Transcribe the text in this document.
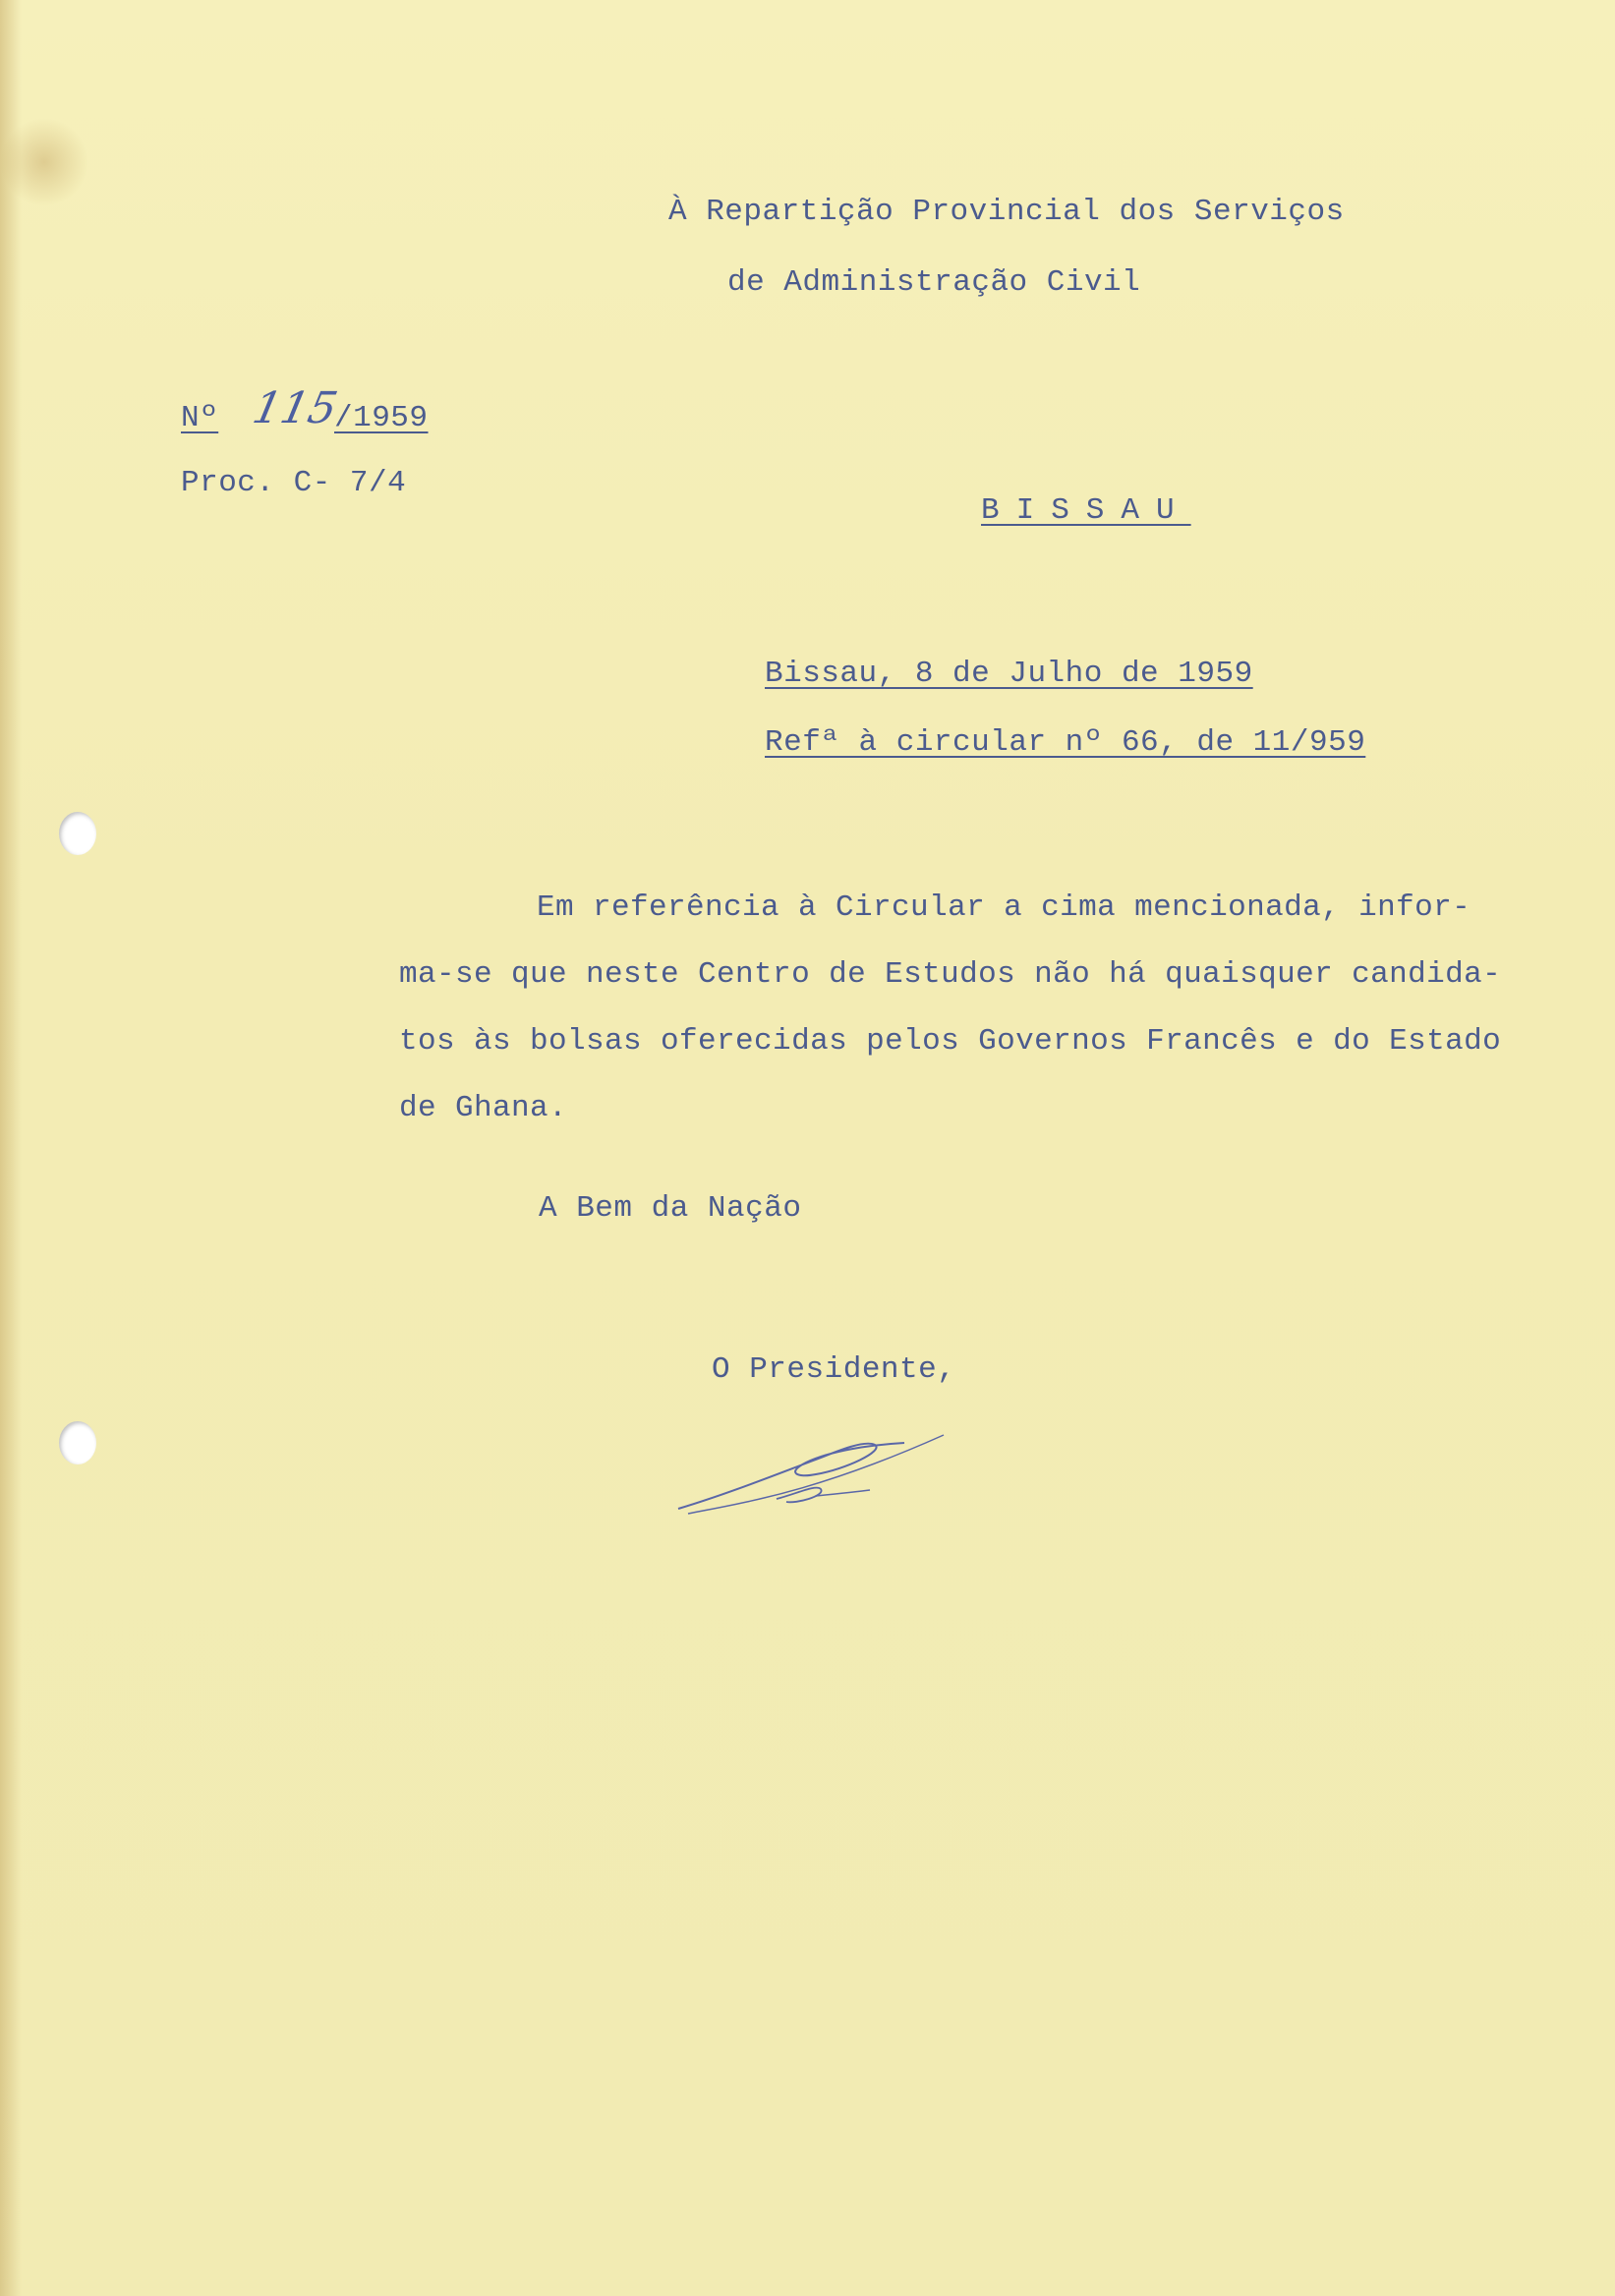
À Repartição Provincial dos Serviços
de Administração Civil
Nº 115
/1959
Proc. C- 7/4
BISSAU
Bissau, 8 de Julho de 1959
Refª à circular nº 66, de 11/959
Em referência à Circular a cima mencionada, infor-
ma-se que neste Centro de Estudos não há quaisquer candida-
tos às bolsas oferecidas pelos Governos Francês e do Estado
de Ghana.
A Bem da Nação
O Presidente,
